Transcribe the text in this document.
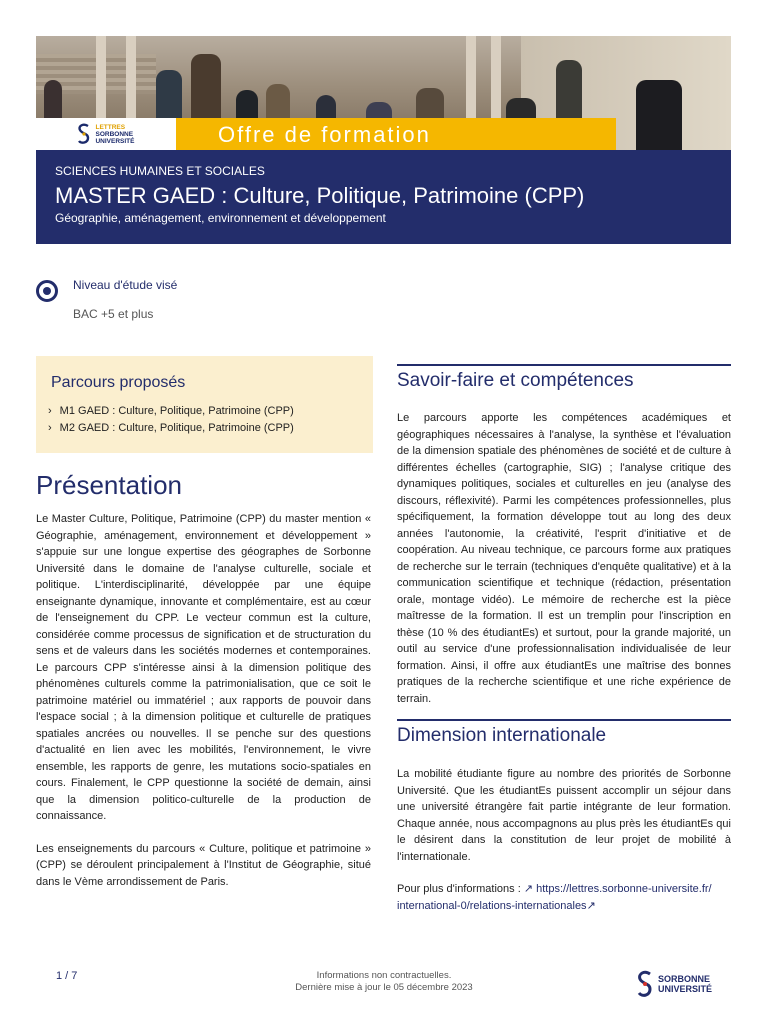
LETTRES
SORBONNE
UNIVERSITÉ	Offre de formation
SCIENCES HUMAINES ET SOCIALES
MASTER GAED : Culture, Politique, Patrimoine (CPP)
Géographie, aménagement, environnement et développement
Niveau d'étude visé
BAC +5 et plus
Parcours proposés
› M1 GAED : Culture, Politique, Patrimoine (CPP)
› M2 GAED : Culture, Politique, Patrimoine (CPP)
Présentation

Le Master Culture, Politique, Patrimoine (CPP) du master mention « Géographie, aménagement, environnement et développement » s'appuie sur une longue expertise des géographes de Sorbonne Université dans le domaine de l'analyse culturelle, sociale et politique. L'interdisciplinarité, développée par une équipe enseignante dynamique, innovante et complémentaire, est au cœur de l'enseignement du CPP. Le vecteur commun est la culture, considérée comme processus de signification et de structuration du sens et de valeurs dans les sociétés modernes et contemporaines. Le parcours CPP s'intéresse ainsi à la dimension politique des phénomènes culturels comme la patrimonialisation, que ce soit le patrimoine matériel ou immatériel ; aux rapports de pouvoir dans l'espace social ; à la dimension politique et culturelle de pratiques spatiales ancrées ou nouvelles. Il se penche sur des questions d'actualité en lien avec les mobilités, l'environnement, le vivre ensemble, les rapports de genre, les mutations socio-spatiales en cours. Finalement, le CPP questionne la société de demain, ainsi que la dimension politico-culturelle de la production de connaissance.

Les enseignements du parcours « Culture, politique et patrimoine » (CPP) se déroulent principalement à l'Institut de Géographie, situé dans le Vème arrondissement de Paris.

Savoir-faire et compétences

Le parcours apporte les compétences académiques et géographiques nécessaires à l'analyse, la synthèse et l'évaluation de la dimension spatiale des phénomènes de société et de culture à différentes échelles (cartographie, SIG) ; l'analyse critique des dynamiques politiques, sociales et culturelles en jeu (analyse des discours, réflexivité). Parmi les compétences professionnelles, plus spécifiquement, la formation développe tout au long des deux années l'autonomie, la créativité, l'esprit d'initiative et de coopération. Au niveau technique, ce parcours forme aux pratiques de recherche sur le terrain (techniques d'enquête qualitative) et à la communication scientifique et technique (rédaction, présentation orale, montage vidéo). Le mémoire de recherche est la pièce maîtresse de la formation. Il est un tremplin pour l'inscription en thèse (10 % des étudiantEs) et surtout, pour la grande majorité, un outil au service d'une professionnalisation individualisée de leur formation. Ainsi, il offre aux étudiantEs une maîtrise des bonnes pratiques de la recherche scientifique et une riche expérience de terrain.

Dimension internationale

La mobilité étudiante figure au nombre des priorités de Sorbonne Université. Que les étudiantEs puissent accomplir un séjour dans une université étrangère fait partie intégrante de leur formation. Chaque année, nous accompagnons au plus près les étudiantEs qui le désirent dans la constitution de leur projet de mobilité à l'internationale.

Pour plus d'informations : ↗ https://lettres.sorbonne-universite.fr/
international-0/relations-internationales↗

1 / 7	Informations non contractuelles.
Dernière mise à jour le 05 décembre 2023
SORBONNE
UNIVERSITÉ
